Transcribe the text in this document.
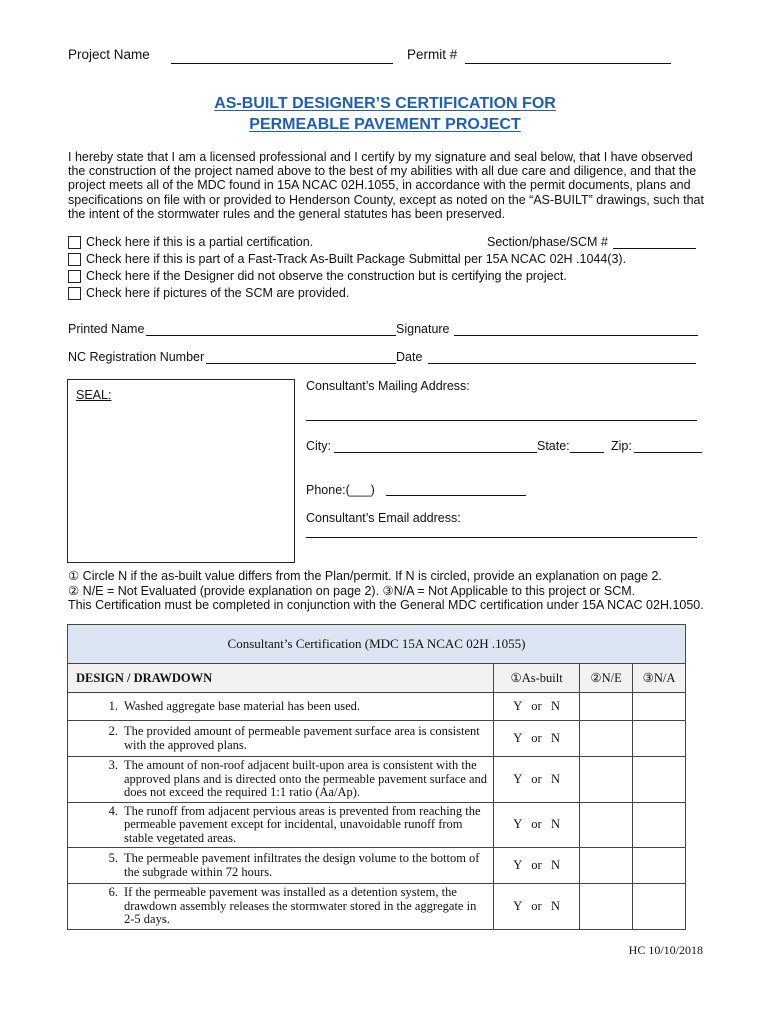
Project Name	Permit #
AS-BUILT DESIGNER’S CERTIFICATION FOR
PERMEABLE PAVEMENT PROJECT
I hereby state that I am a licensed professional and I certify by my signature and seal below, that I have observed the construction of the project named above to the best of my abilities with all due care and diligence, and that the project meets all of the MDC found in 15A NCAC 02H.1055, in accordance with the permit documents, plans and specifications on file with or provided to Henderson County, except as noted on the “AS-BUILT” drawings, such that the intent of the stormwater rules and the general statutes has been preserved.
Check here if this is a partial certification.	Section/phase/SCM #
Check here if this is part of a Fast-Track As-Built Package Submittal per 15A NCAC 02H .1044(3).
Check here if the Designer did not observe the construction but is certifying the project.
Check here if pictures of the SCM are provided.
Printed Name	Signature
NC Registration Number	Date
SEAL:
Consultant’s Mailing Address:
City:	State:	Zip:
Phone:(___)
Consultant’s Email address:
① Circle N if the as-built value differs from the Plan/permit. If N is circled, provide an explanation on page 2.
② N/E = Not Evaluated (provide explanation on page 2). ③N/A = Not Applicable to this project or SCM.
This Certification must be completed in conjunction with the General MDC certification under 15A NCAC 02H.1050.
Consultant’s Certification (MDC 15A NCAC 02H .1055)			
DESIGN / DRAWDOWN	①As-built	②N/E	③N/A

1. Washed aggregate base material has been used.	Y   or   N		

2. The provided amount of permeable pavement surface area is consistent with the approved plans.	Y   or   N		

3. The amount of non-roof adjacent built-upon area is consistent with the approved plans and is directed onto the permeable pavement surface and does not exceed the required 1:1 ratio (Aa/Ap).	Y   or   N		

4. The runoff from adjacent pervious areas is prevented from reaching the permeable pavement except for incidental, unavoidable runoff from stable vegetated areas.	Y   or   N		

5. The permeable pavement infiltrates the design volume to the bottom of the subgrade within 72 hours.	Y   or   N		

6. If the permeable pavement was installed as a detention system, the drawdown assembly releases the stormwater stored in the aggregate in 2-5 days.	Y   or   N		
HC 10/10/2018
